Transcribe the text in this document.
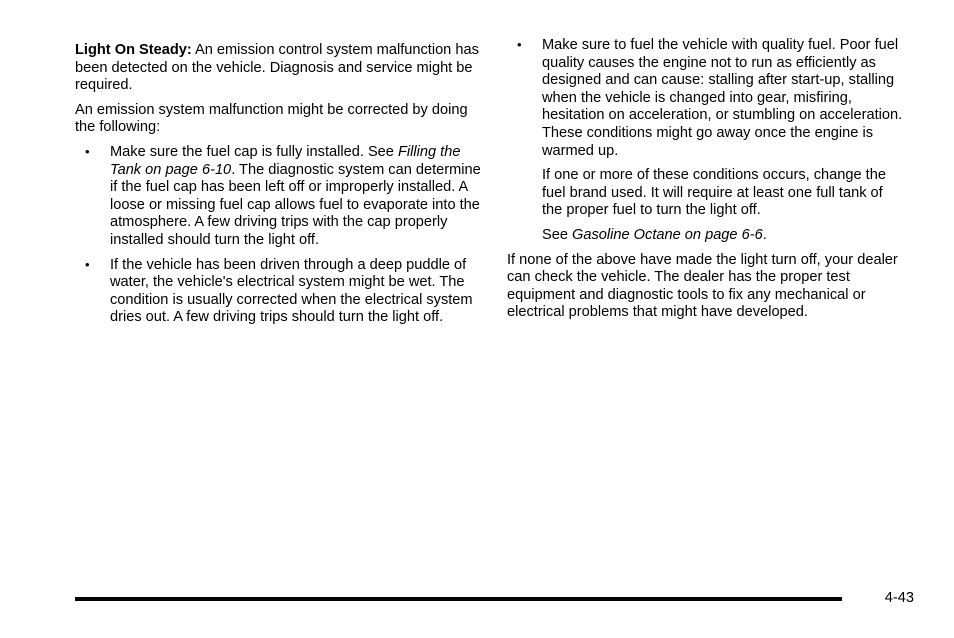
Light On Steady: An emission control system malfunction has been detected on the vehicle. Diagnosis and service might be required.

An emission system malfunction might be corrected by doing the following:

• Make sure the fuel cap is fully installed. See Filling the Tank on page 6-10. The diagnostic system can determine if the fuel cap has been left off or improperly installed. A loose or missing fuel cap allows fuel to evaporate into the atmosphere. A few driving trips with the cap properly installed should turn the light off.
• If the vehicle has been driven through a deep puddle of water, the vehicle's electrical system might be wet. The condition is usually corrected when the electrical system dries out. A few driving trips should turn the light off.
• Make sure to fuel the vehicle with quality fuel. Poor fuel quality causes the engine not to run as efficiently as designed and can cause: stalling after start-up, stalling when the vehicle is changed into gear, misfiring, hesitation on acceleration, or stumbling on acceleration. These conditions might go away once the engine is warmed up.

If one or more of these conditions occurs, change the fuel brand used. It will require at least one full tank of the proper fuel to turn the light off.

See Gasoline Octane on page 6-6.

If none of the above have made the light turn off, your dealer can check the vehicle. The dealer has the proper test equipment and diagnostic tools to fix any mechanical or electrical problems that might have developed.

4-43
